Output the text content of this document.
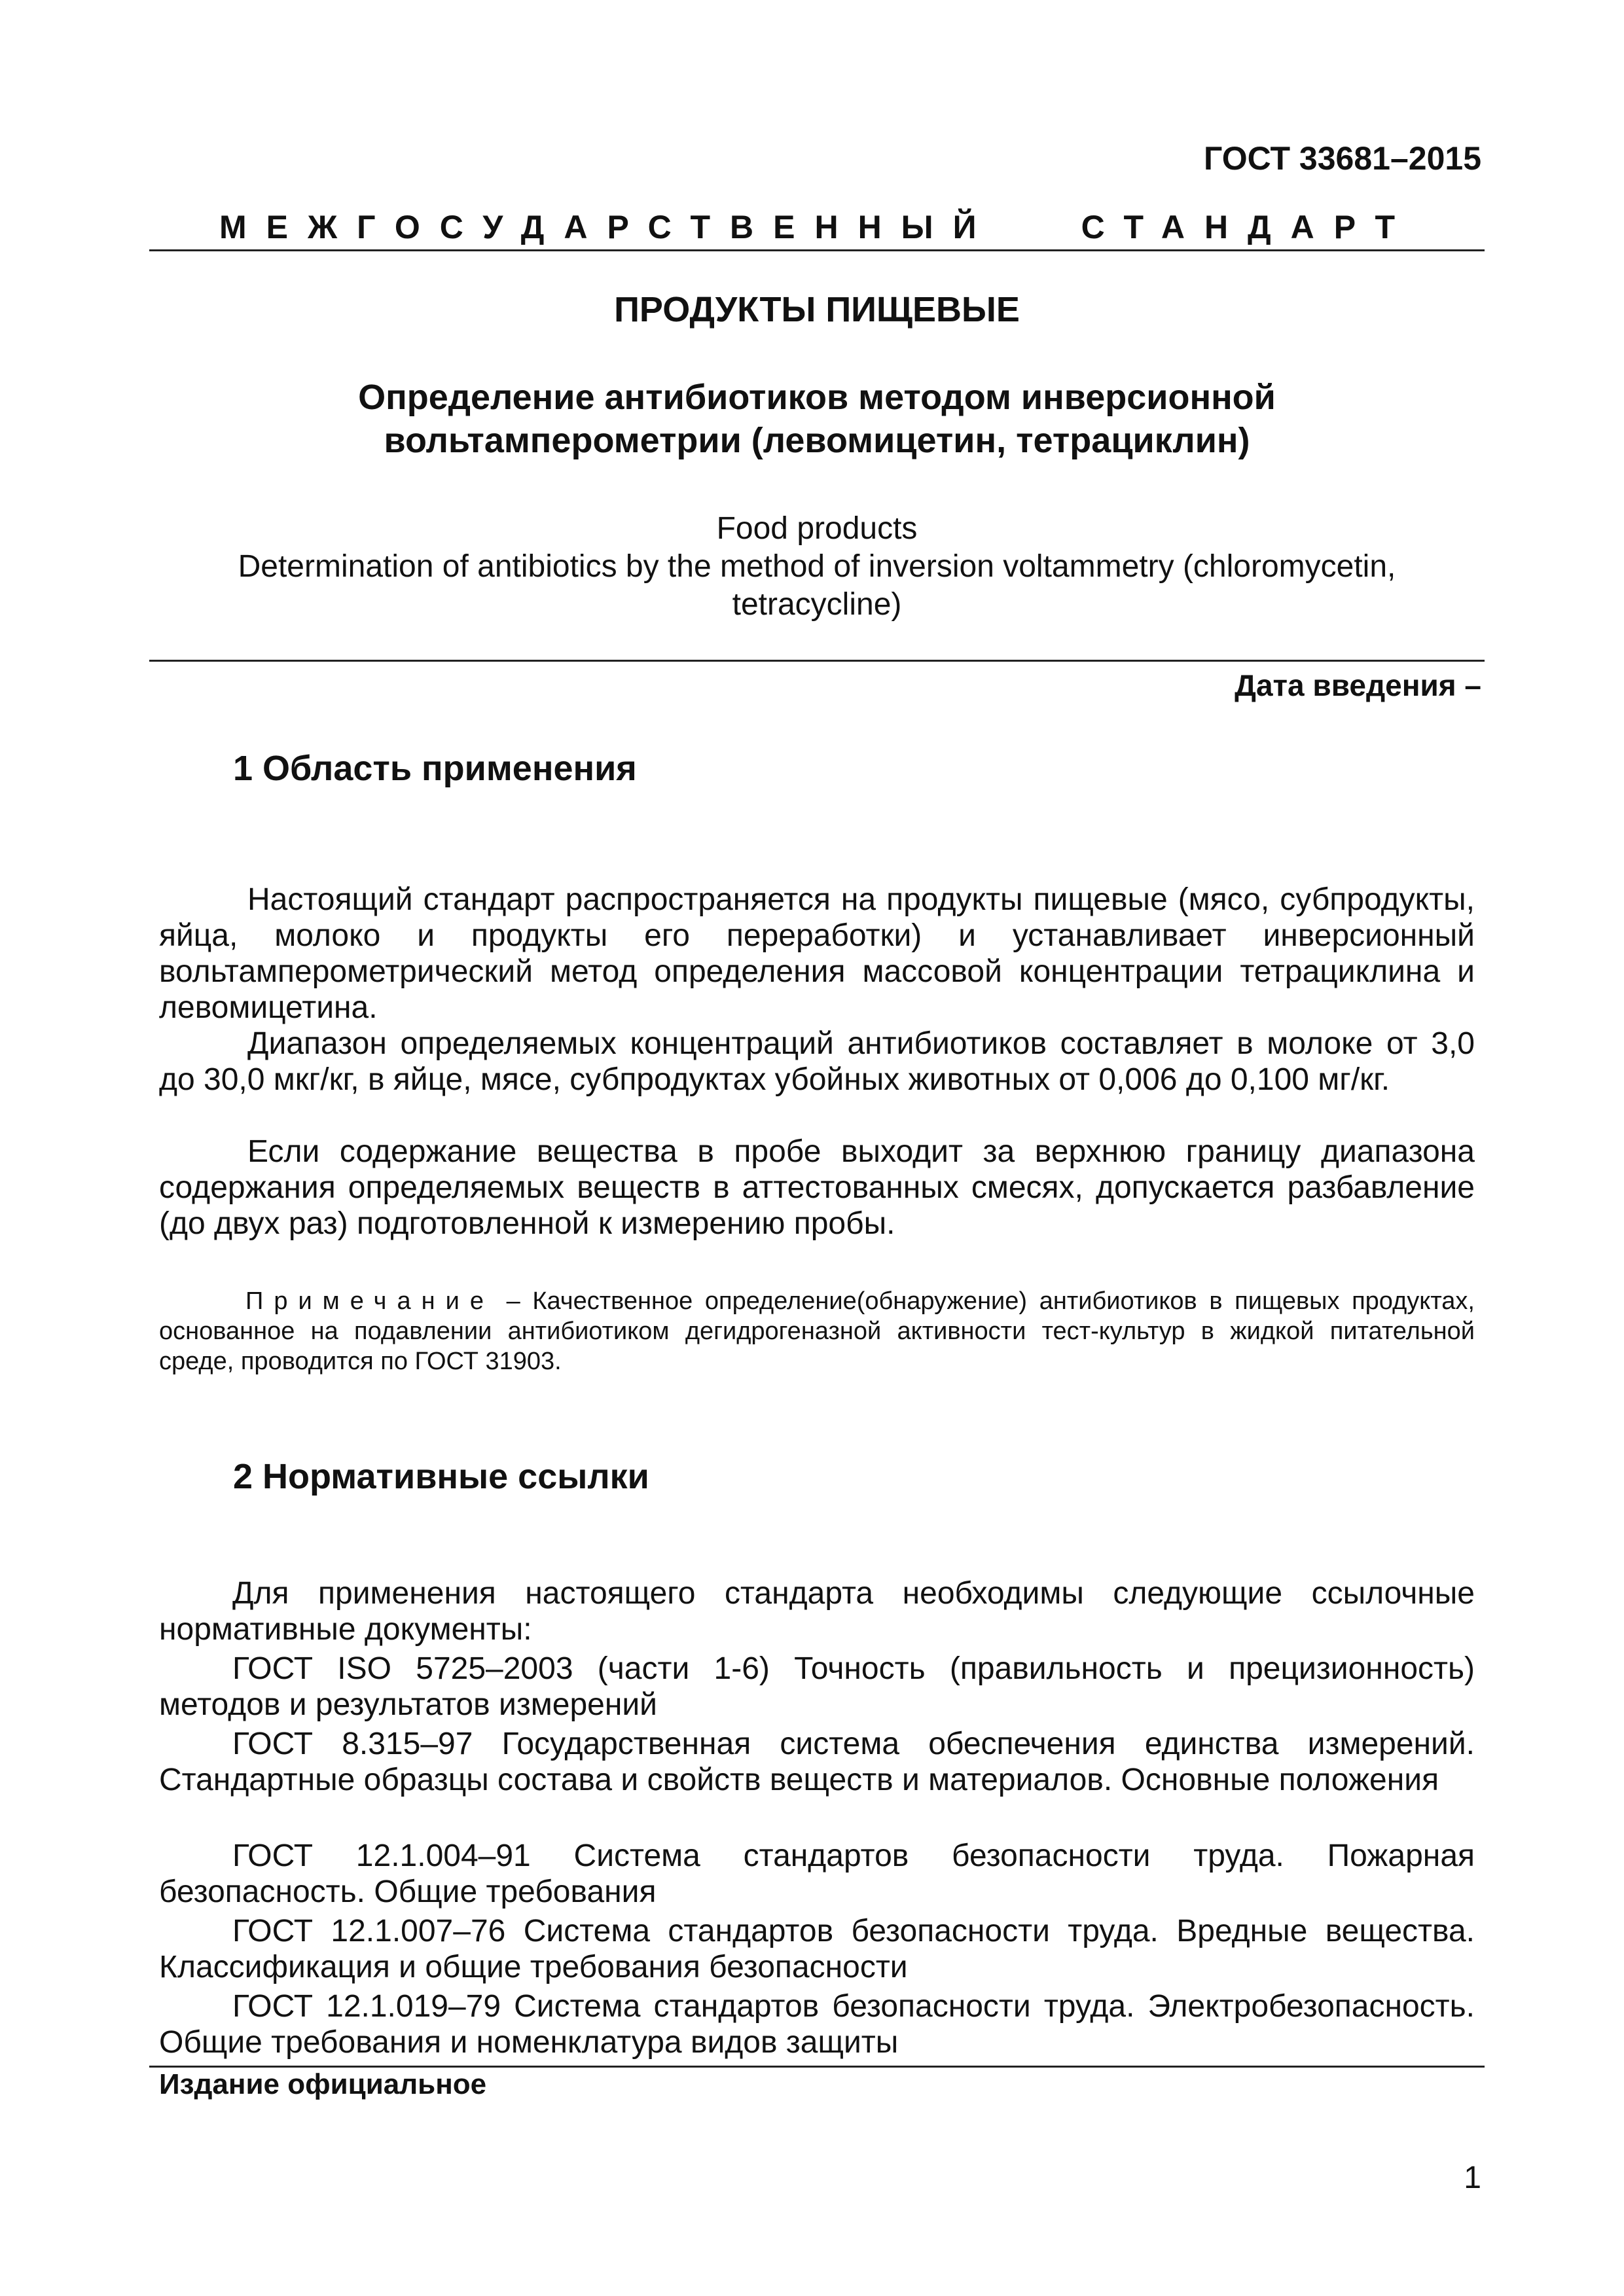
ГОСТ 33681–2015
МЕЖГОСУДАРСТВЕННЫЙ	СТАНДАРТ
ПРОДУКТЫ ПИЩЕВЫЕ
Определение антибиотиков методом инверсионной
вольтамперометрии (левомицетин, тетрациклин)
Food products
Determination of antibiotics by the method of inversion voltammetry (chloromycetin,
tetracycline)
Дата введения –
1 Область применения
Настоящий стандарт распространяется на продукты пищевые (мясо, субпродукты, яйца, молоко и продукты его переработки) и устанавливает инверсионный вольтамперометрический метод определения массовой концентрации тетрациклина и левомицетина.
Диапазон определяемых концентраций антибиотиков составляет в молоке от 3,0 до 30,0 мкг/кг, в яйце, мясе, субпродуктах убойных животных от 0,006 до 0,100 мг/кг.
Если содержание вещества в пробе выходит за верхнюю границу диапазона содержания определяемых веществ в аттестованных смесях, допускается разбавление (до двух раз) подготовленной к измерению пробы.
Примечание – Качественное определение(обнаружение) антибиотиков в пищевых продуктах, основанное на подавлении антибиотиком дегидрогеназной активности тест-культур в жидкой питательной среде, проводится по ГОСТ 31903.
2 Нормативные ссылки
Для применения настоящего стандарта необходимы следующие ссылочные нормативные документы:
ГОСТ ISO 5725–2003 (части 1-6) Точность (правильность и прецизионность) методов и результатов измерений
ГОСТ 8.315–97 Государственная система обеспечения единства измерений. Стандартные образцы состава и свойств веществ и материалов. Основные положения
ГОСТ 12.1.004–91 Система стандартов безопасности труда. Пожарная безопасность. Общие требования
ГОСТ 12.1.007–76 Система стандартов безопасности труда. Вредные вещества. Классификация и общие требования безопасности
ГОСТ 12.1.019–79 Система стандартов безопасности труда. Электробезопасность. Общие требования и номенклатура видов защиты
Издание официальное
1
